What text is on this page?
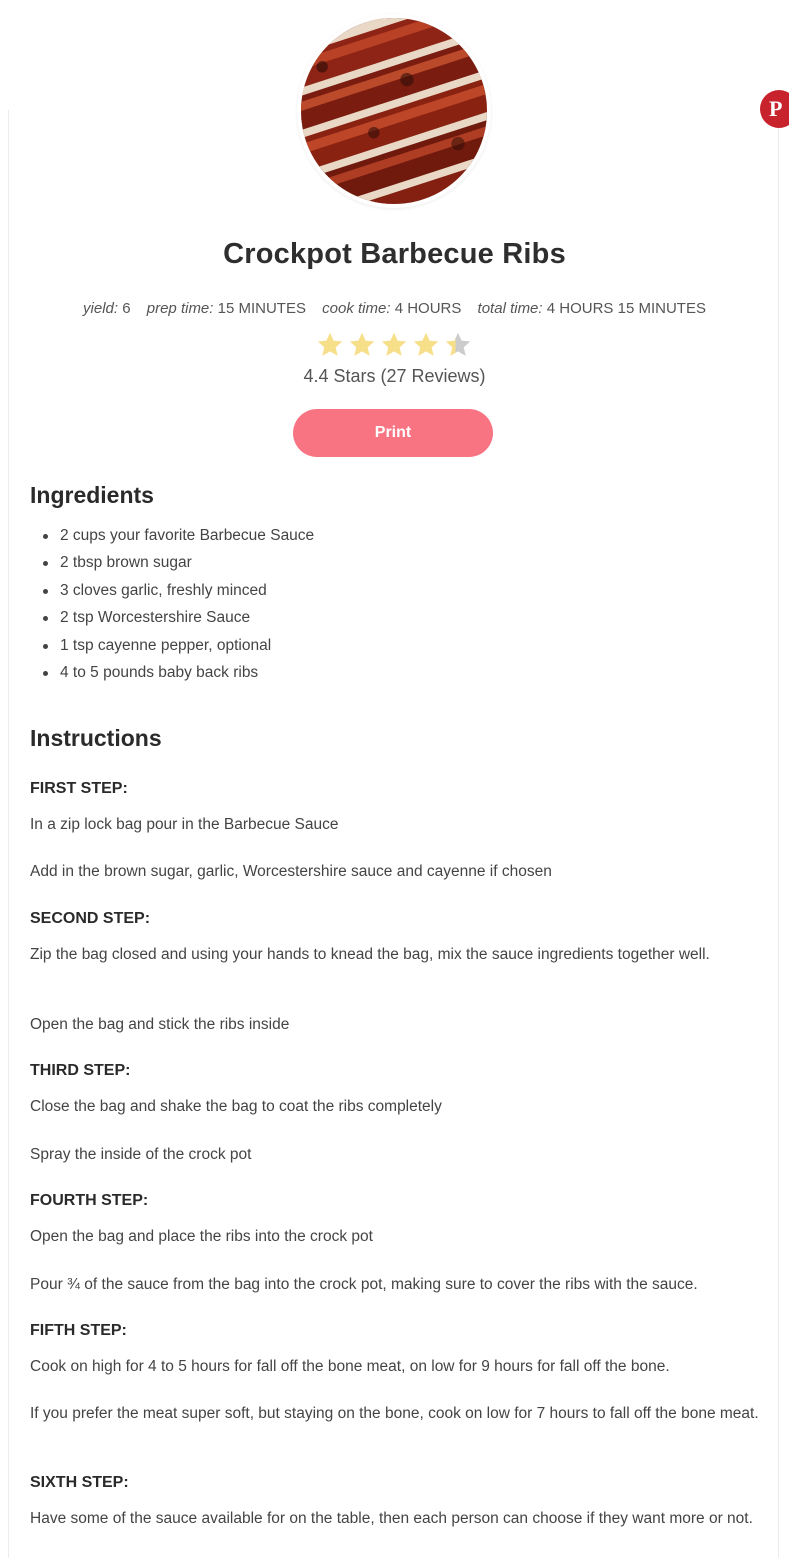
P
Crockpot Barbecue Ribs
yield: 6 prep time: 15 MINUTES cook time: 4 HOURS total time: 4 HOURS 15 MINUTES
4.4 Stars (27 Reviews)
Print
Ingredients
2 cups your favorite Barbecue Sauce
2 tbsp brown sugar
3 cloves garlic, freshly minced
2 tsp Worcestershire Sauce
1 tsp cayenne pepper, optional
4 to 5 pounds baby back ribs
Instructions
FIRST STEP:

In a zip lock bag pour in the Barbecue Sauce

Add in the brown sugar, garlic, Worcestershire sauce and cayenne if chosen

SECOND STEP:

Zip the bag closed and using your hands to knead the bag, mix the sauce ingredients together well.

Open the bag and stick the ribs inside

THIRD STEP:

Close the bag and shake the bag to coat the ribs completely

Spray the inside of the crock pot

FOURTH STEP:

Open the bag and place the ribs into the crock pot

Pour ¾ of the sauce from the bag into the crock pot, making sure to cover the ribs with the sauce.

FIFTH STEP:

Cook on high for 4 to 5 hours for fall off the bone meat, on low for 9 hours for fall off the bone.

If you prefer the meat super soft, but staying on the bone, cook on low for 7 hours to fall off the bone meat.

SIXTH STEP:

Have some of the sauce available for on the table, then each person can choose if they want more or not.
